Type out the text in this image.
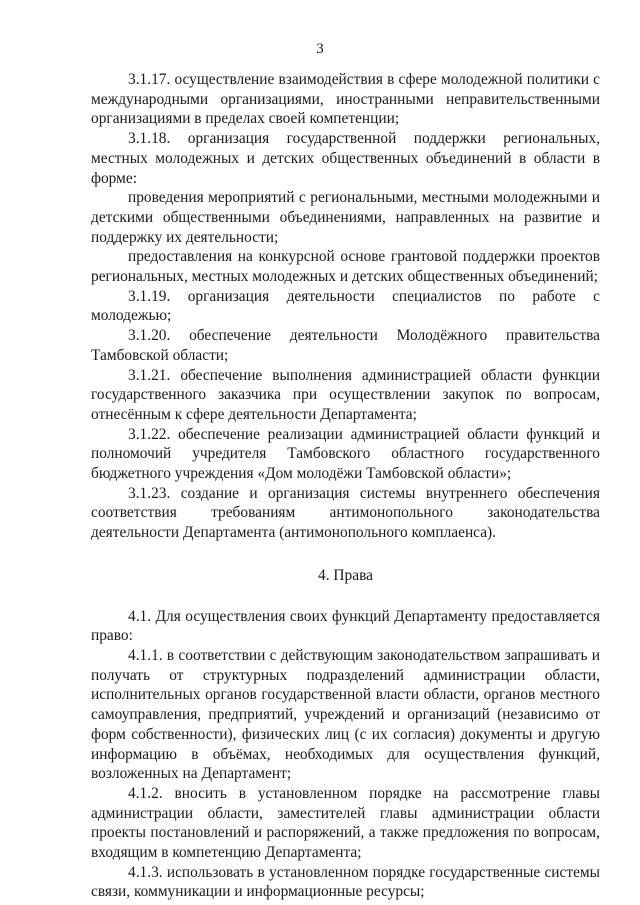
3

3.1.17. осуществление взаимодействия в сфере молодежной политики с международными организациями, иностранными неправительственными организациями в пределах своей компетенции;

3.1.18. организация государственной поддержки региональных, местных молодежных и детских общественных объединений в области в форме:

проведения мероприятий с региональными, местными молодежными и детскими общественными объединениями, направленных на развитие и поддержку их деятельности;

предоставления на конкурсной основе грантовой поддержки проектов региональных, местных молодежных и детских общественных объединений;

3.1.19. организация деятельности специалистов по работе с молодежью;

3.1.20. обеспечение деятельности Молодёжного правительства Тамбовской области;

3.1.21. обеспечение выполнения администрацией области функции государственного заказчика при осуществлении закупок по вопросам, отнесённым к сфере деятельности Департамента;

3.1.22. обеспечение реализации администрацией области функций и полномочий учредителя Тамбовского областного государственного бюджетного учреждения «Дом молодёжи Тамбовской области»;

3.1.23. создание и организация системы внутреннего обеспечения соответствия требованиям антимонопольного законодательства деятельности Департамента (антимонопольного комплаенса).

4. Права

4.1. Для осуществления своих функций Департаменту предоставляется право:

4.1.1. в соответствии с действующим законодательством запрашивать и получать от структурных подразделений администрации области, исполнительных органов государственной власти области, органов местного самоуправления, предприятий, учреждений и организаций (независимо от форм собственности), физических лиц (с их согласия) документы и другую информацию в объёмах, необходимых для осуществления функций, возложенных на Департамент;

4.1.2. вносить в установленном порядке на рассмотрение главы администрации области, заместителей главы администрации области проекты постановлений и распоряжений, а также предложения по вопросам, входящим в компетенцию Департамента;

4.1.3. использовать в установленном порядке государственные системы связи, коммуникации и информационные ресурсы;
